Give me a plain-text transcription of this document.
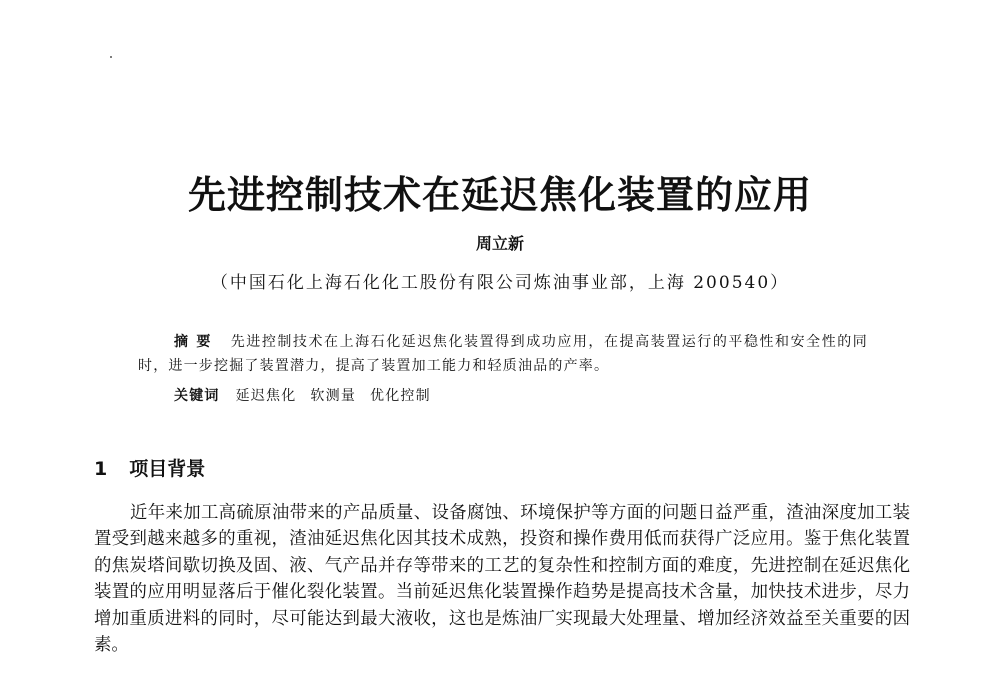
先进控制技术在延迟焦化装置的应用
周立新
（中国石化上海石化化工股份有限公司炼油事业部，上海 200540）
摘要 先进控制技术在上海石化延迟焦化装置得到成功应用，在提高装置运行的平稳性和安全性的同时，进一步挖掘了装置潜力，提高了装置加工能力和轻质油品的产率。
关键词 延迟焦化 软测量 优化控制
1 项目背景
近年来加工高硫原油带来的产品质量、设备腐蚀、环境保护等方面的问题日益严重，渣油深度加工装置受到越来越多的重视，渣油延迟焦化因其技术成熟，投资和操作费用低而获得广泛应用。鉴于焦化装置的焦炭塔间歇切换及固、液、气产品并存等带来的工艺的复杂性和控制方面的难度，先进控制在延迟焦化装置的应用明显落后于催化裂化装置。当前延迟焦化装置操作趋势是提高技术含量，加快技术进步，尽力增加重质进料的同时，尽可能达到最大液收，这也是炼油厂实现最大处理量、增加经济效益至关重要的因素。
